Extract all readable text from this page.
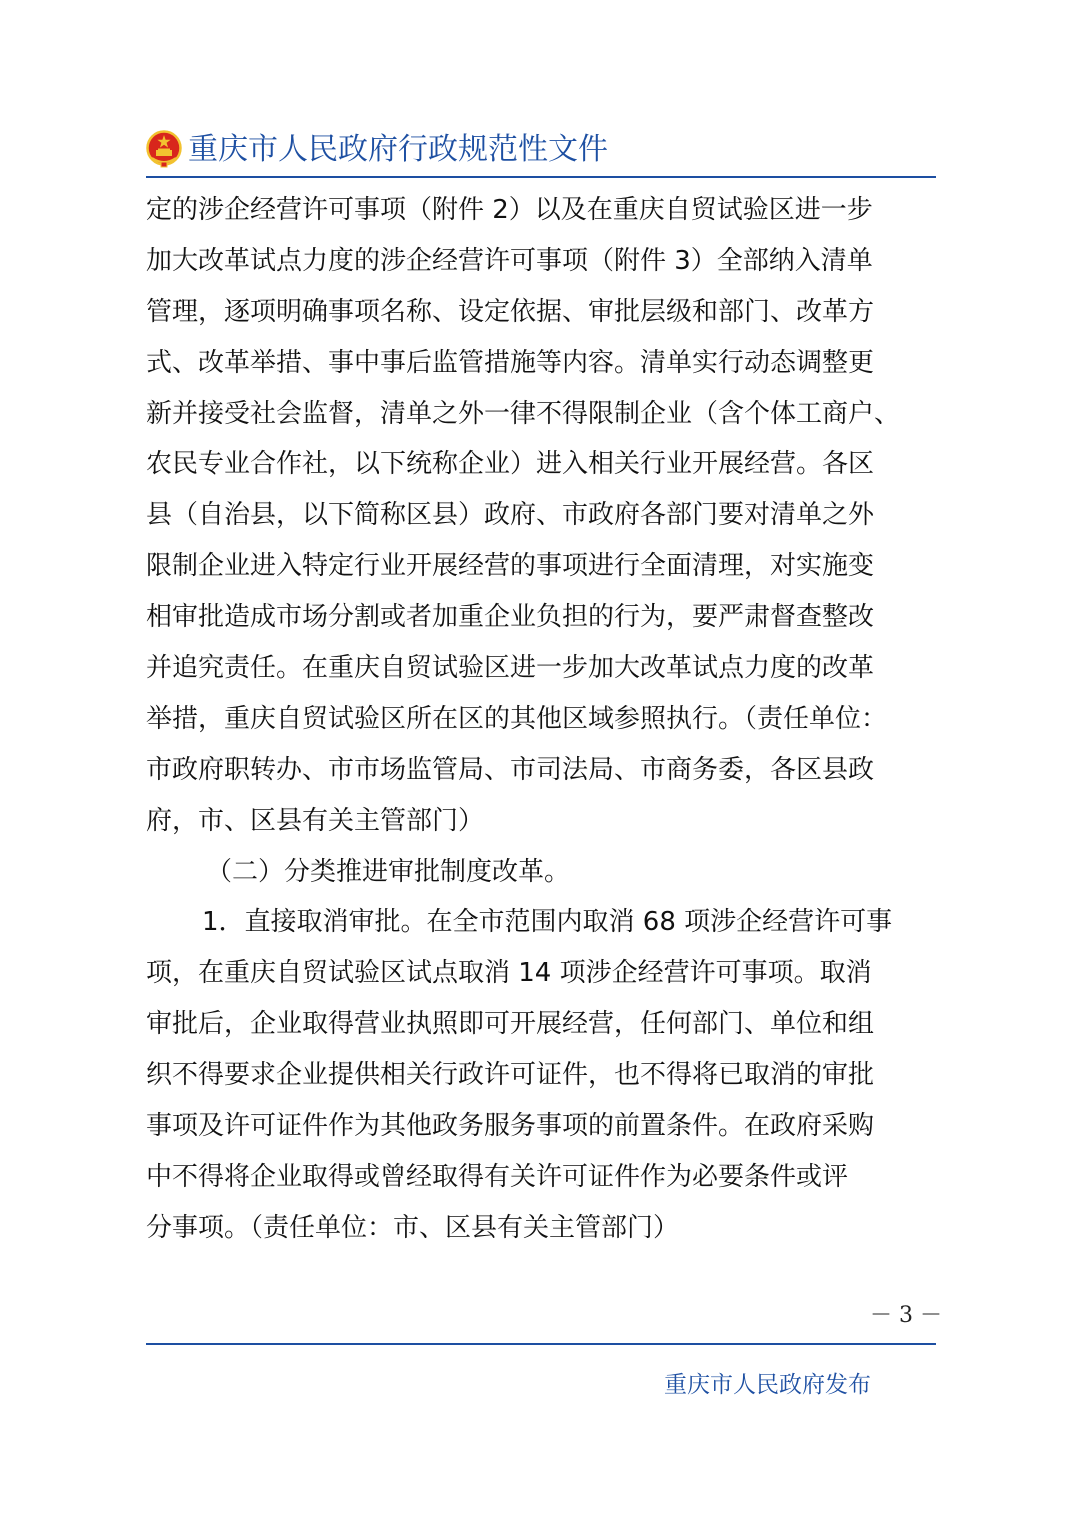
重庆市人民政府行政规范性文件
定的涉企经营许可事项（附件 2）以及在重庆自贸试验区进一步
加大改革试点力度的涉企经营许可事项（附件 3）全部纳入清单
管理，逐项明确事项名称、设定依据、审批层级和部门、改革方
式、改革举措、事中事后监管措施等内容。清单实行动态调整更
新并接受社会监督，清单之外一律不得限制企业（含个体工商户、
农民专业合作社，以下统称企业）进入相关行业开展经营。各区
县（自治县，以下简称区县）政府、市政府各部门要对清单之外
限制企业进入特定行业开展经营的事项进行全面清理，对实施变
相审批造成市场分割或者加重企业负担的行为，要严肃督查整改
并追究责任。在重庆自贸试验区进一步加大改革试点力度的改革
举措，重庆自贸试验区所在区的其他区域参照执行。（责任单位：
市政府职转办、市市场监管局、市司法局、市商务委，各区县政
府，市、区县有关主管部门）
（二）分类推进审批制度改革。
1．直接取消审批。在全市范围内取消 68 项涉企经营许可事
项，在重庆自贸试验区试点取消 14 项涉企经营许可事项。取消
审批后，企业取得营业执照即可开展经营，任何部门、单位和组
织不得要求企业提供相关行政许可证件，也不得将已取消的审批
事项及许可证件作为其他政务服务事项的前置条件。在政府采购
中不得将企业取得或曾经取得有关许可证件作为必要条件或评
分事项。（责任单位：市、区县有关主管部门）
－ 3 －
重庆市人民政府发布
